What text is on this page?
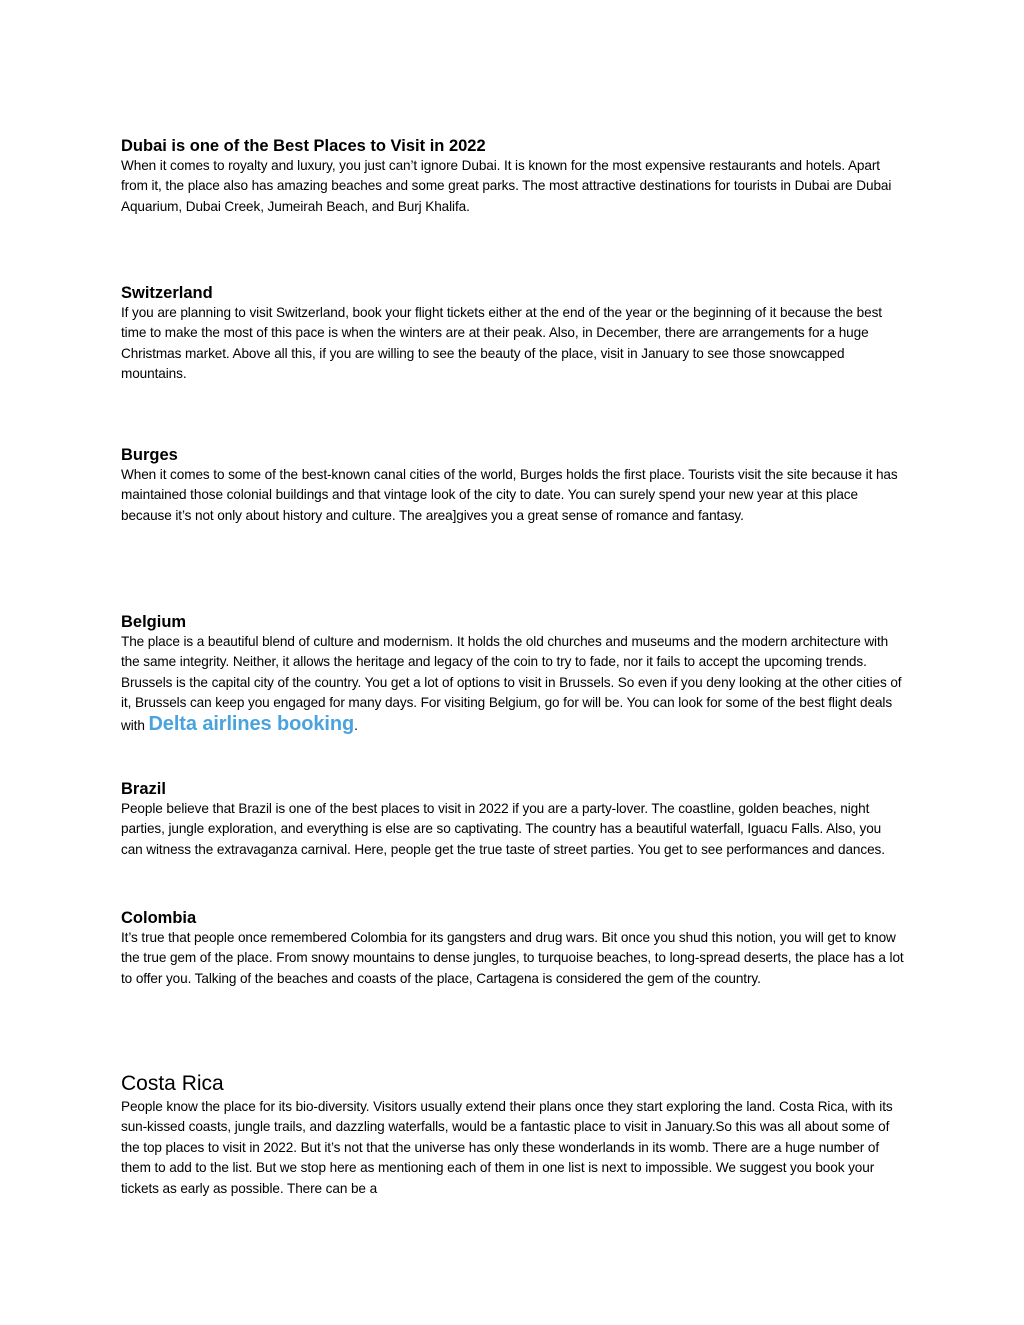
Dubai is one of the Best Places to Visit in 2022

When it comes to royalty and luxury, you just can’t ignore Dubai. It is known for the most expensive restaurants and hotels. Apart from it, the place also has amazing beaches and some great parks. The most attractive destinations for tourists in Dubai are Dubai Aquarium, Dubai Creek, Jumeirah Beach, and Burj Khalifa.

Switzerland

If you are planning to visit Switzerland, book your flight tickets either at the end of the year or the beginning of it because the best time to make the most of this pace is when the winters are at their peak. Also, in December, there are arrangements for a huge Christmas market. Above all this, if you are willing to see the beauty of the place, visit in January to see those snowcapped mountains.

Burges

When it comes to some of the best-known canal cities of the world, Burges holds the first place. Tourists visit the site because it has maintained those colonial buildings and that vintage look of the city to date. You can surely spend your new year at this place because it’s not only about history and culture. The area]gives you a great sense of romance and fantasy.

Belgium

The place is a beautiful blend of culture and modernism. It holds the old churches and museums and the modern architecture with the same integrity. Neither, it allows the heritage and legacy of the coin to try to fade, nor it fails to accept the upcoming trends. Brussels is the capital city of the country. You get a lot of options to visit in Brussels. So even if you deny looking at the other cities of it, Brussels can keep you engaged for many days. For visiting Belgium, go for will be. You can look for some of the best flight deals with Delta airlines booking.

Brazil

People believe that Brazil is one of the best places to visit in 2022 if you are a party-lover. The coastline, golden beaches, night parties, jungle exploration, and everything is else are so captivating. The country has a beautiful waterfall, Iguacu Falls. Also, you can witness the extravaganza carnival. Here, people get the true taste of street parties. You get to see performances and dances.

Colombia

It’s true that people once remembered Colombia for its gangsters and drug wars. Bit once you shud this notion, you will get to know the true gem of the place. From snowy mountains to dense jungles, to turquoise beaches, to long-spread deserts, the place has a lot to offer you. Talking of the beaches and coasts of the place, Cartagena is considered the gem of the country.

Costa Rica

People know the place for its bio-diversity. Visitors usually extend their plans once they start exploring the land. Costa Rica, with its sun-kissed coasts, jungle trails, and dazzling waterfalls, would be a fantastic place to visit in January.So this was all about some of the top places to visit in 2022. But it’s not that the universe has only these wonderlands in its womb. There are a huge number of them to add to the list. But we stop here as mentioning each of them in one list is next to impossible. We suggest you book your tickets as early as possible. There can be a
